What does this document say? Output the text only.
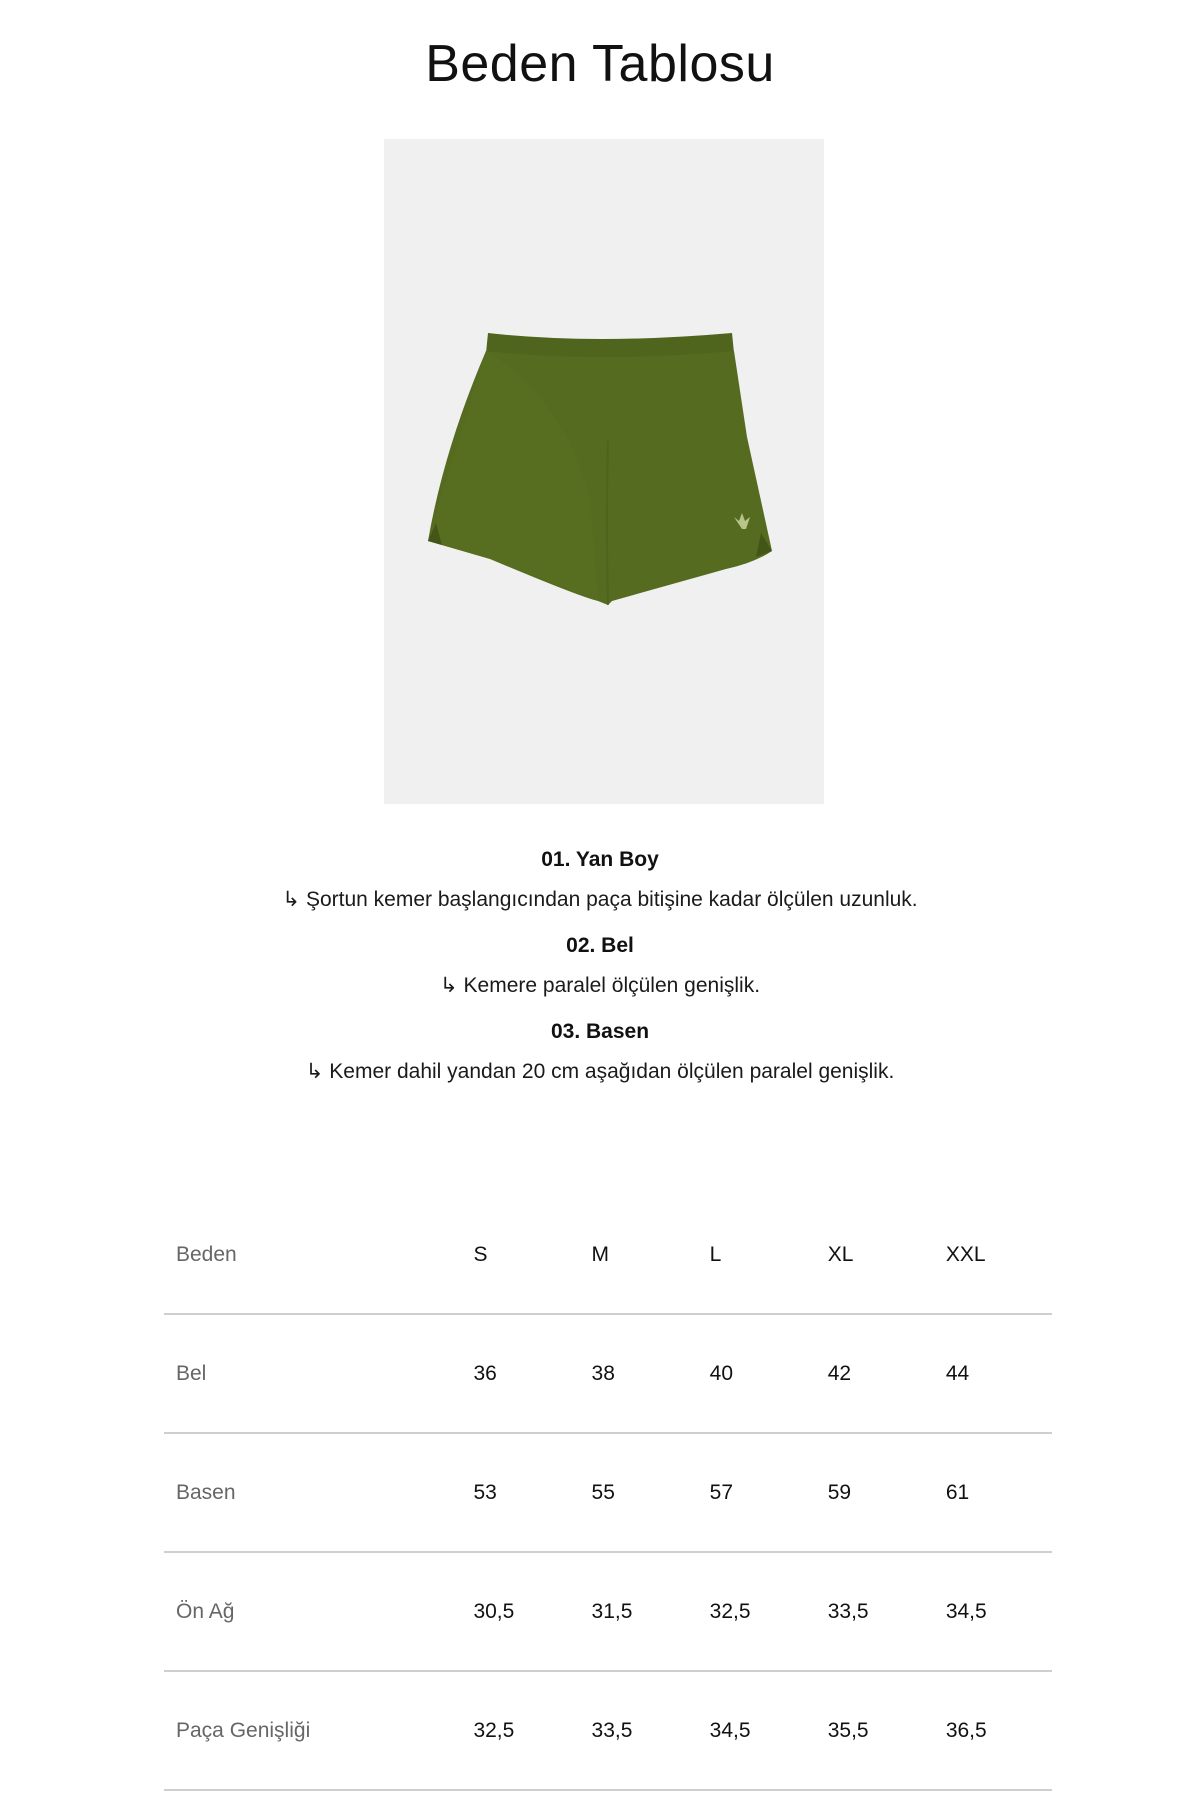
Beden Tablosu

01. Yan Boy

↳ Şortun kemer başlangıcından paça bitişine kadar ölçülen uzunluk.

02. Bel

↳ Kemere paralel ölçülen genişlik.

03. Basen

↳ Kemer dahil yandan 20 cm aşağıdan ölçülen paralel genişlik.

Beden	S	M	L	XL	XXL
Bel	36	38	40	42	44
Basen	53	55	57	59	61
Ön Ağ	30,5	31,5	32,5	33,5	34,5
Paça Genişliği	32,5	33,5	34,5	35,5	36,5
